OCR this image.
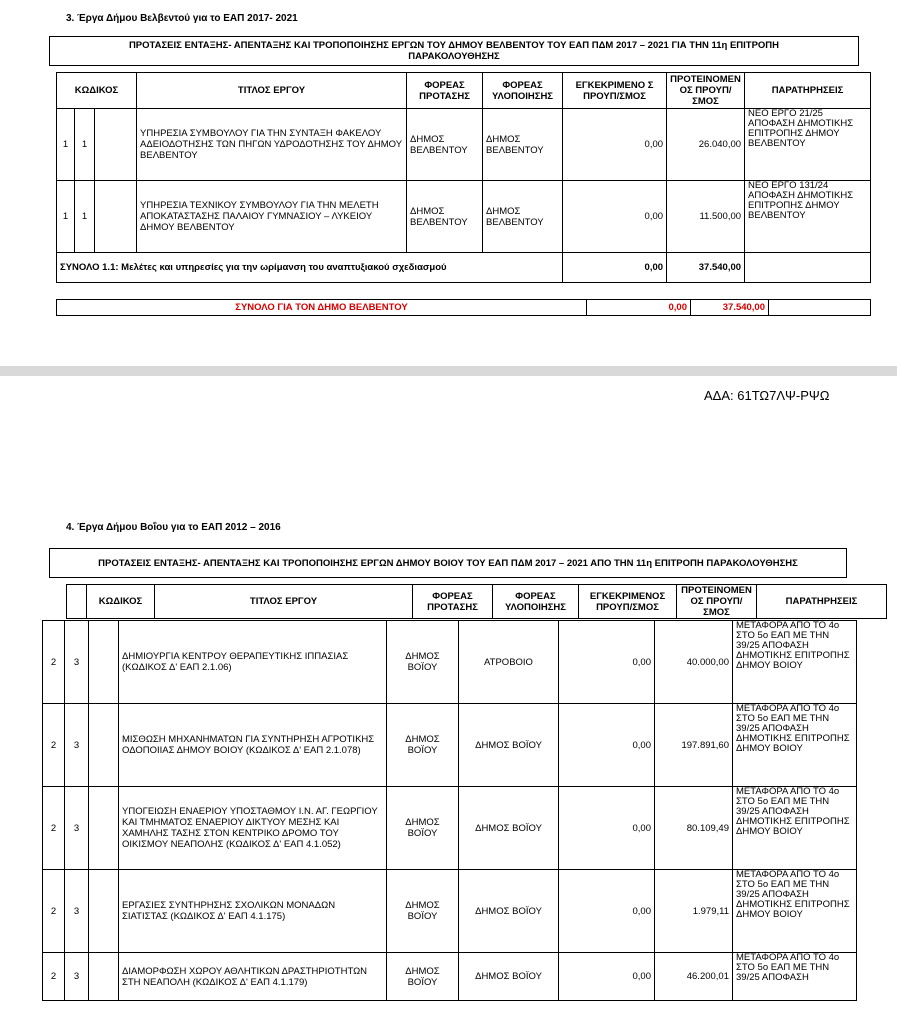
3. Έργα Δήμου Βελβεντού για το ΕΑΠ 2017- 2021
ΠΡΟΤΑΣΕΙΣ ΕΝΤΑΞΗΣ- ΑΠΕΝΤΑΞΗΣ ΚΑΙ ΤΡΟΠΟΠΟΙΗΣΗΣ ΕΡΓΩΝ ΤΟΥ ΔΗΜΟΥ ΒΕΛΒΕΝΤΟΥ ΤΟΥ ΕΑΠ ΠΔΜ 2017 – 2021 ΓΙΑ ΤΗΝ 11η ΕΠΙΤΡΟΠΗ ΠΑΡΑΚΟΛΟΥΘΗΣΗΣ
ΚΩΔΙΚΟΣ			ΤΙΤΛΟΣ ΕΡΓΟΥ	ΦΟΡΕΑΣ ΠΡΟΤΑΣΗΣ	ΦΟΡΕΑΣ ΥΛΟΠΟΙΗΣΗΣ	ΕΓΚΕΚΡΙΜΕΝΟ Σ ΠΡΟΥΠ/ΣΜΟΣ	ΠΡΟΤΕΙΝΟΜΕΝ ΟΣ ΠΡΟΥΠ/ΣΜΟΣ	ΠΑΡΑΤΗΡΗΣΕΙΣ
1	1		ΥΠΗΡΕΣΙΑ ΣΥΜΒΟΥΛΟΥ ΓΙΑ ΤΗΝ ΣΥΝΤΑΞΗ ΦΑΚΕΛΟΥ ΑΔΕΙΟΔΟΤΗΣΗΣ ΤΩΝ ΠΗΓΩΝ ΥΔΡΟΔΟΤΗΣΗΣ ΤΟΥ ΔΗΜΟΥ ΒΕΛΒΕΝΤΟΥ	ΔΗΜΟΣ ΒΕΛΒΕΝΤΟΥ	ΔΗΜΟΣ ΒΕΛΒΕΝΤΟΥ	0,00	26.040,00	ΝΕΟ ΕΡΓΟ 21/25 ΑΠΟΦΑΣΗ ΔΗΜΟΤΙΚΗΣ ΕΠΙΤΡΟΠΗΣ ΔΗΜΟΥ ΒΕΛΒΕΝΤΟΥ
1	1		ΥΠΗΡΕΣΙΑ ΤΕΧΝΙΚΟΥ ΣΥΜΒΟΥΛΟΥ ΓΙΑ ΤΗΝ ΜΕΛΕΤΗ ΑΠΟΚΑΤΑΣΤΑΣΗΣ ΠΑΛΑΙΟΥ ΓΥΜΝΑΣΙΟΥ – ΛΥΚΕΙΟΥ ΔΗΜΟΥ ΒΕΛΒΕΝΤΟΥ	ΔΗΜΟΣ ΒΕΛΒΕΝΤΟΥ	ΔΗΜΟΣ ΒΕΛΒΕΝΤΟΥ	0,00	11.500,00	ΝΕΟ ΕΡΓΟ 131/24 ΑΠΟΦΑΣΗ ΔΗΜΟΤΙΚΗΣ ΕΠΙΤΡΟΠΗΣ ΔΗΜΟΥ ΒΕΛΒΕΝΤΟΥ
ΣΥΝΟΛΟ 1.1: Μελέτες και υπηρεσίες για την ωρίμανση του αναπτυξιακού σχεδιασμού						0,00	37.540,00	
ΣΥΝΟΛΟ ΓΙΑ ΤΟΝ ΔΗΜΟ ΒΕΛΒΕΝΤΟΥ	0,00	37.540,00	
ΑΔΑ: 61ΤΩ7ΛΨ-ΡΨΩ
4. Έργα Δήμου Βοΐου για το ΕΑΠ 2012 – 2016
ΠΡΟΤΑΣΕΙΣ ΕΝΤΑΞΗΣ- ΑΠΕΝΤΑΞΗΣ ΚΑΙ ΤΡΟΠΟΠΟΙΗΣΗΣ ΕΡΓΩΝ ΔΗΜΟΥ ΒΟΙΟΥ ΤΟΥ ΕΑΠ ΠΔΜ 2017 – 2021 ΑΠΟ ΤΗΝ 11η ΕΠΙΤΡΟΠΗ ΠΑΡΑΚΟΛΟΥΘΗΣΗΣ
	ΚΩΔΙΚΟΣ	ΤΙΤΛΟΣ ΕΡΓΟΥ	ΦΟΡΕΑΣ ΠΡΟΤΑΣΗΣ	ΦΟΡΕΑΣ ΥΛΟΠΟΙΗΣΗΣ	ΕΓΚΕΚΡΙΜΕΝΟΣ ΠΡΟΥΠ/ΣΜΟΣ	ΠΡΟΤΕΙΝΟΜΕΝ ΟΣ ΠΡΟΥΠ/ΣΜΟΣ	ΠΑΡΑΤΗΡΗΣΕΙΣ
2	3		ΔΗΜΙΟΥΡΓΙΑ ΚΕΝΤΡΟΥ ΘΕΡΑΠΕΥΤΙΚΗΣ ΙΠΠΑΣΙΑΣ (ΚΩΔΙΚΟΣ Δ' ΕΑΠ 2.1.06)	ΔΗΜΟΣ ΒΟΪΟΥ	ΑΤΡΟΒΟΙΟ	0,00	40.000,00	ΜΕΤΑΦΟΡΑ ΑΠΟ ΤΟ 4ο ΣΤΟ 5ο ΕΑΠ ΜΕ ΤΗΝ 39/25 ΑΠΟΦΑΣΗ ΔΗΜΟΤΙΚΗΣ ΕΠΙΤΡΟΠΗΣ ΔΗΜΟΥ ΒΟΙΟΥ
2	3		ΜΙΣΘΩΣΗ ΜΗΧΑΝΗΜΑΤΩΝ ΓΙΑ ΣΥΝΤΗΡΗΣΗ ΑΓΡΟΤΙΚΗΣ ΟΔΟΠΟΙΙΑΣ ΔΗΜΟΥ ΒΟΙΟΥ (ΚΩΔΙΚΟΣ Δ' ΕΑΠ 2.1.078)	ΔΗΜΟΣ ΒΟΪΟΥ	ΔΗΜΟΣ ΒΟΪΟΥ	0,00	197.891,60	ΜΕΤΑΦΟΡΑ ΑΠΟ ΤΟ 4ο ΣΤΟ 5ο ΕΑΠ ΜΕ ΤΗΝ 39/25 ΑΠΟΦΑΣΗ ΔΗΜΟΤΙΚΗΣ ΕΠΙΤΡΟΠΗΣ ΔΗΜΟΥ ΒΟΙΟΥ
2	3		ΥΠΟΓΕΙΩΣΗ ΕΝΑΕΡΙΟΥ ΥΠΟΣΤΑΘΜΟΥ Ι.Ν. ΑΓ. ΓΕΩΡΓΙΟΥ ΚΑΙ ΤΜΗΜΑΤΟΣ ΕΝΑΕΡΙΟΥ ΔΙΚΤΥΟΥ ΜΕΣΗΣ ΚΑΙ ΧΑΜΗΛΗΣ ΤΑΣΗΣ ΣΤΟΝ ΚΕΝΤΡΙΚΟ ΔΡΟΜΟ ΤΟΥ ΟΙΚΙΣΜΟΥ ΝΕΑΠΟΛΗΣ (ΚΩΔΙΚΟΣ Δ' ΕΑΠ 4.1.052)	ΔΗΜΟΣ ΒΟΪΟΥ	ΔΗΜΟΣ ΒΟΪΟΥ	0,00	80.109,49	ΜΕΤΑΦΟΡΑ ΑΠΟ ΤΟ 4ο ΣΤΟ 5ο ΕΑΠ ΜΕ ΤΗΝ 39/25 ΑΠΟΦΑΣΗ ΔΗΜΟΤΙΚΗΣ ΕΠΙΤΡΟΠΗΣ ΔΗΜΟΥ ΒΟΙΟΥ
2	3		ΕΡΓΑΣΙΕΣ ΣΥΝΤΗΡΗΣΗΣ ΣΧΟΛΙΚΩΝ ΜΟΝΑΔΩΝ ΣΙΑΤΙΣΤΑΣ (ΚΩΔΙΚΟΣ Δ' ΕΑΠ 4.1.175)	ΔΗΜΟΣ ΒΟΪΟΥ	ΔΗΜΟΣ ΒΟΪΟΥ	0,00	1.979,11	ΜΕΤΑΦΟΡΑ ΑΠΟ ΤΟ 4ο ΣΤΟ 5ο ΕΑΠ ΜΕ ΤΗΝ 39/25 ΑΠΟΦΑΣΗ ΔΗΜΟΤΙΚΗΣ ΕΠΙΤΡΟΠΗΣ ΔΗΜΟΥ ΒΟΙΟΥ
2	3		ΔΙΑΜΟΡΦΩΣΗ ΧΩΡΟΥ ΑΘΛΗΤΙΚΩΝ ΔΡΑΣΤΗΡΙΟΤΗΤΩΝ ΣΤΗ ΝΕΑΠΟΛΗ (ΚΩΔΙΚΟΣ Δ' ΕΑΠ 4.1.179)	ΔΗΜΟΣ ΒΟΪΟΥ	ΔΗΜΟΣ ΒΟΪΟΥ	0,00	46.200,01	ΜΕΤΑΦΟΡΑ ΑΠΟ ΤΟ 4ο ΣΤΟ 5ο ΕΑΠ ΜΕ ΤΗΝ 39/25 ΑΠΟΦΑΣΗ
